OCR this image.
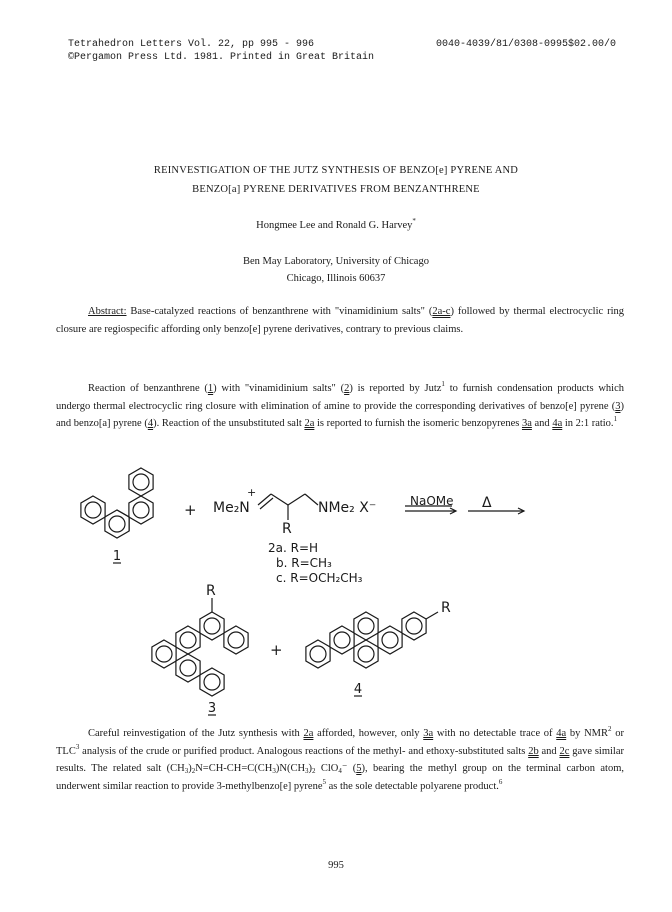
Tetrahedron Letters Vol. 22, pp 995 - 996
©Pergamon Press Ltd. 1981. Printed in Great Britain
0040-4039/81/0308-0995$02.00/0
REINVESTIGATION OF THE JUTZ SYNTHESIS OF BENZO[e] PYRENE AND
BENZO[a] PYRENE DERIVATIVES FROM BENZANTHRENE
Hongmee Lee and Ronald G. Harvey*
Ben May Laboratory, University of Chicago
Chicago, Illinois 60637
Abstract: Base-catalyzed reactions of benzanthrene with "vinamidinium salts" (2a-c) followed by thermal electrocyclic ring closure are regiospecific affording only benzo[e] pyrene derivatives, contrary to previous claims.
Reaction of benzanthrene (1) with "vinamidinium salts" (2) is reported by Jutz$^1$ to furnish condensation products which undergo thermal electrocyclic ring closure with elimination of amine to provide the corresponding derivatives of benzo[e] pyrene (3) and benzo[a] pyrene (4). Reaction of the unsubstituted salt 2a is reported to furnish the isomeric benzopyrenes 3a and 4a in 2:1 ratio.$^1$
1
+ Me₂N
+
R
NMe₂ X⁻	NaOMe Δ
2a. R=H
b. R=CH₃
c. R=OCH₂CH₃
R
3
+
R
4
Careful reinvestigation of the Jutz synthesis with 2a afforded, however, only 3a with no detectable trace of 4a by NMR$^2$ or TLC$^3$ analysis of the crude or purified product. Analogous reactions of the methyl- and ethoxy-substituted salts 2b and 2c gave similar results. The related salt $(CH_3)_2N=CH-CH=C(CH_3)N(CH_3)_2$ ClO$_4$⁻ (5), bearing the methyl group on the terminal carbon atom, underwent similar reaction to provide 3-methylbenzo[e] pyrene$^5$ as the sole detectable polyarene product.$^6$
995
